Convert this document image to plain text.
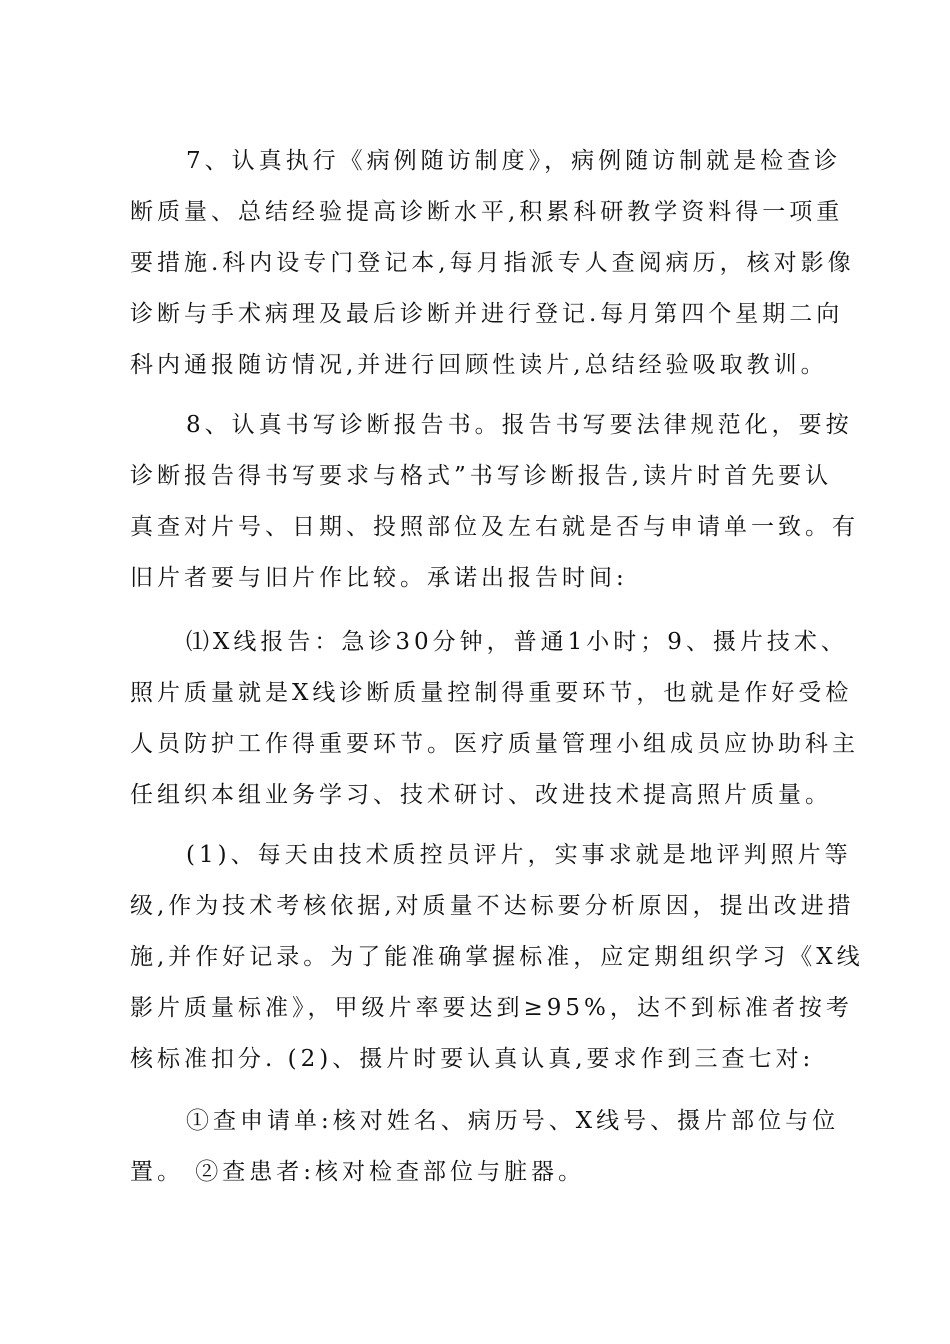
7、认真执行《病例随访制度》，病例随访制就是检查诊
断质量、总结经验提高诊断水平,积累科研教学资料得一项重
要措施.科内设专门登记本,每月指派专人查阅病历，核对影像
诊断与手术病理及最后诊断并进行登记.每月第四个星期二向
科内通报随访情况,并进行回顾性读片,总结经验吸取教训。
8、认真书写诊断报告书。报告书写要法律规范化，要按
诊断报告得书写要求与格式”书写诊断报告,读片时首先要认
真查对片号、日期、投照部位及左右就是否与申请单一致。有
旧片者要与旧片作比较。承诺出报告时间:
⑴X线报告：急诊30分钟，普通1小时；9、摄片技术、
照片质量就是X线诊断质量控制得重要环节，也就是作好受检
人员防护工作得重要环节。医疗质量管理小组成员应协助科主
任组织本组业务学习、技术研讨、改进技术提高照片质量。
(1)、每天由技术质控员评片，实事求就是地评判照片等
级,作为技术考核依据,对质量不达标要分析原因，提出改进措
施,并作好记录。为了能准确掌握标准，应定期组织学习《X线
影片质量标准》，甲级片率要达到≥95%，达不到标准者按考
核标准扣分. (2)、摄片时要认真认真,要求作到三查七对:
①查申请单:核对姓名、病历号、X线号、摄片部位与位
置。 ②查患者:核对检查部位与脏器。
